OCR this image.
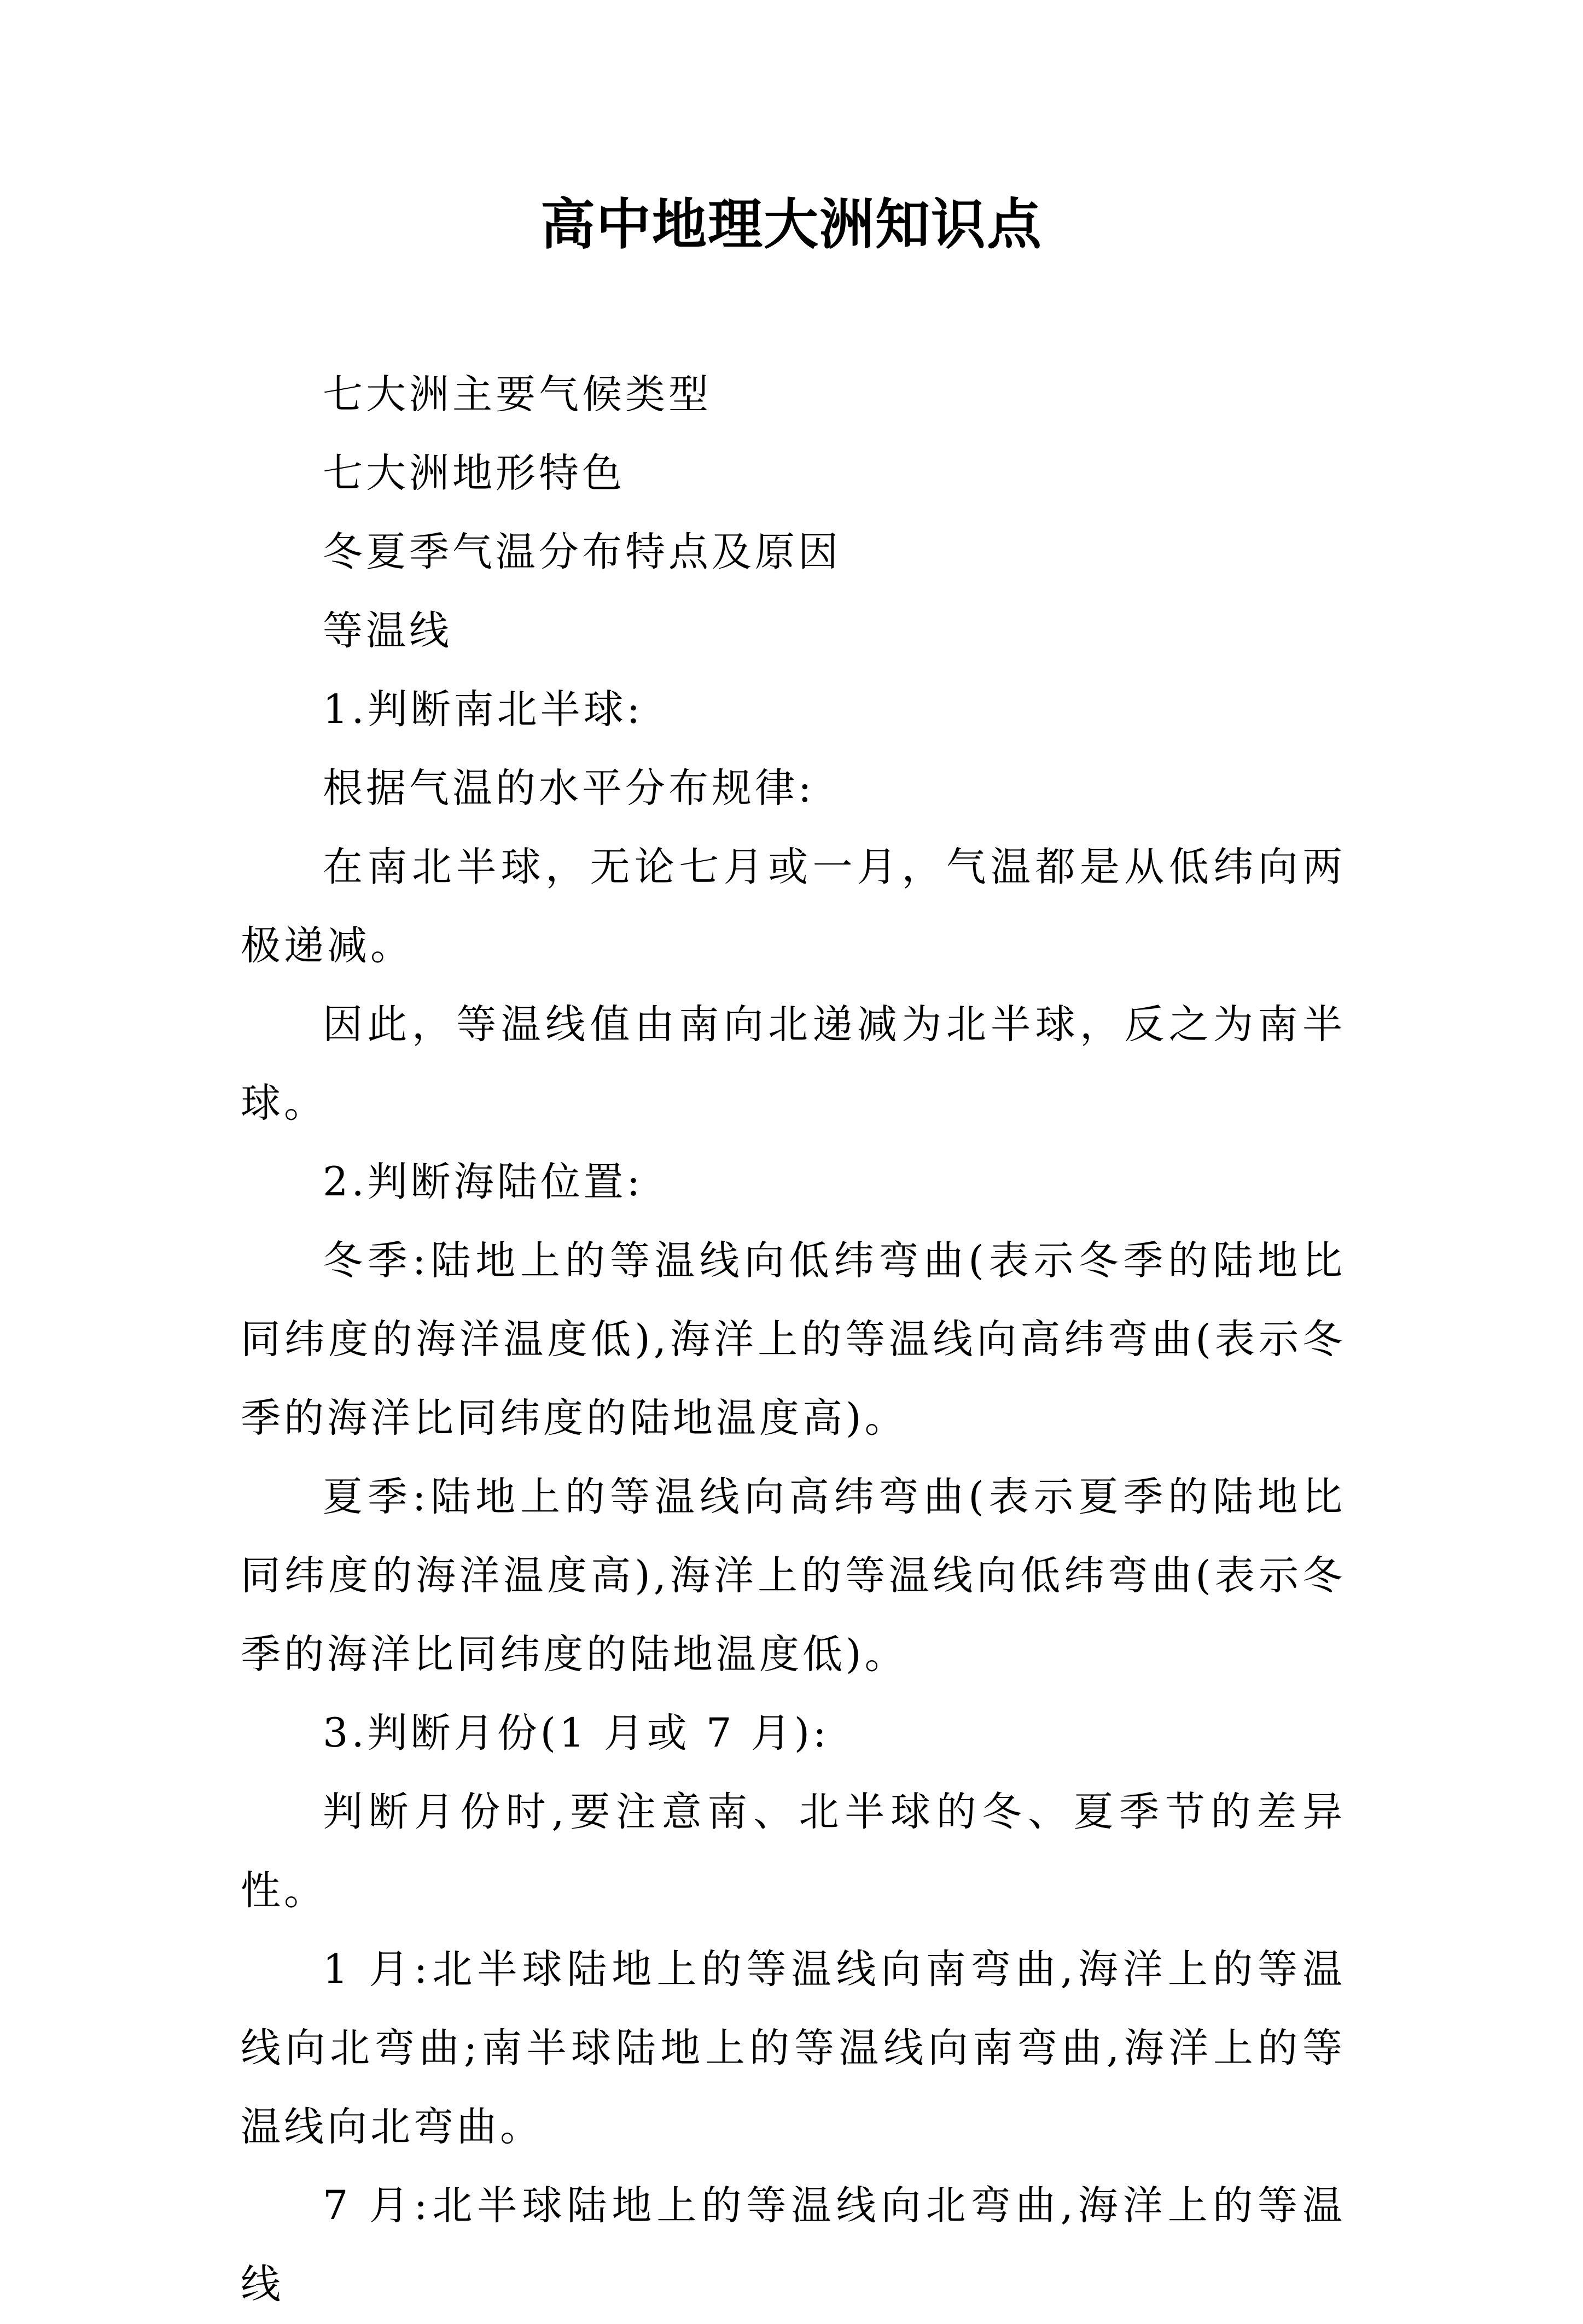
高中地理大洲知识点

七大洲主要气候类型

七大洲地形特色

冬夏季气温分布特点及原因

等温线

1.判断南北半球:

根据气温的水平分布规律:

在南北半球，无论七月或一月，气温都是从低纬向两极递减。

因此，等温线值由南向北递减为北半球，反之为南半球。

2.判断海陆位置:

冬季:陆地上的等温线向低纬弯曲(表示冬季的陆地比同纬度的海洋温度低),海洋上的等温线向高纬弯曲(表示冬季的海洋比同纬度的陆地温度高)。

夏季:陆地上的等温线向高纬弯曲(表示夏季的陆地比同纬度的海洋温度高),海洋上的等温线向低纬弯曲(表示冬季的海洋比同纬度的陆地温度低)。

3.判断月份(1 月或 7 月):

判断月份时,要注意南、北半球的冬、夏季节的差异性。

1 月:北半球陆地上的等温线向南弯曲,海洋上的等温线向北弯曲;南半球陆地上的等温线向南弯曲,海洋上的等温线向北弯曲。

7 月:北半球陆地上的等温线向北弯曲,海洋上的等温线
